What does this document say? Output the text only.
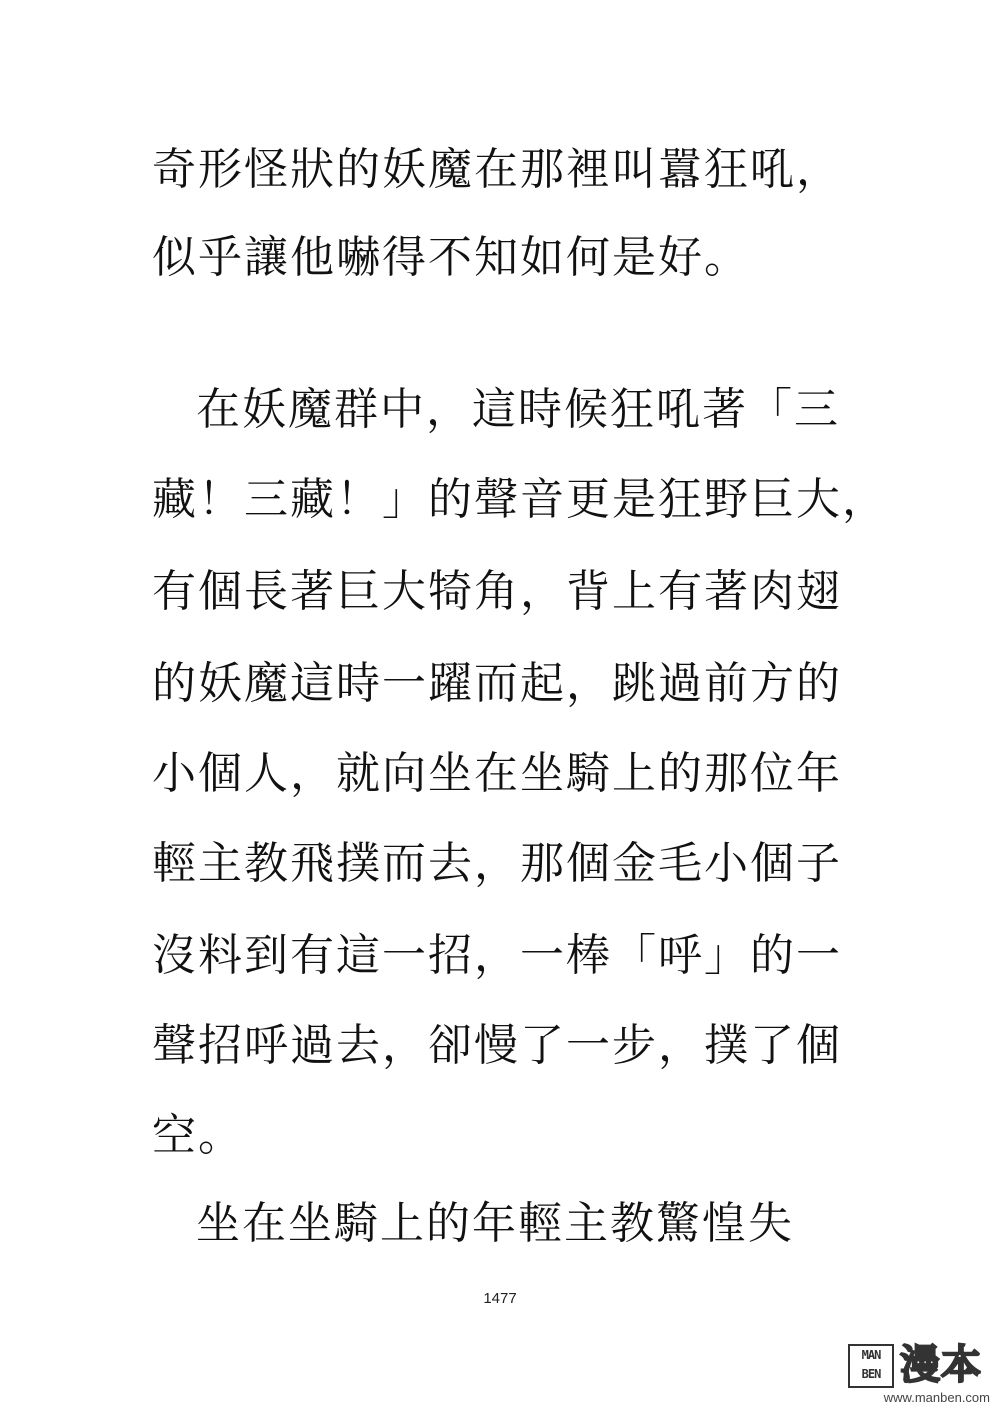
奇形怪狀的妖魔在那裡叫囂狂吼，
似乎讓他嚇得不知如何是好。
在妖魔群中，這時候狂吼著「三
藏！三藏！」的聲音更是狂野巨大，
有個長著巨大犄角，背上有著肉翅
的妖魔這時一躍而起，跳過前方的
小個人，就向坐在坐騎上的那位年
輕主教飛撲而去，那個金毛小個子
沒料到有這一招，一棒「呼」的一
聲招呼過去，卻慢了一步，撲了個
空。
坐在坐騎上的年輕主教驚惶失
1477
MAN
BEN 漫本
www.manben.com
